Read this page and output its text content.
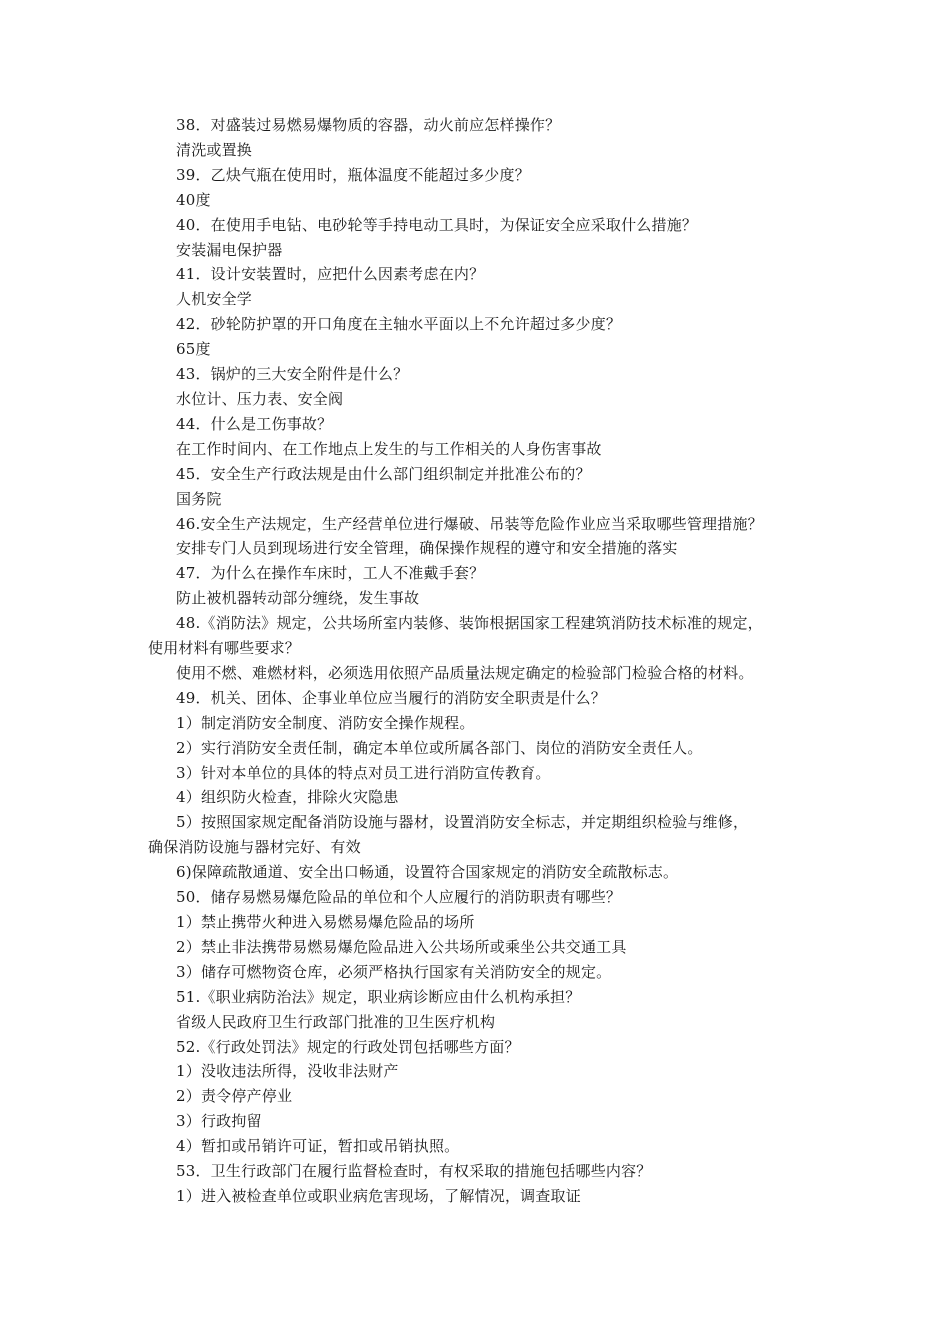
38．对盛装过易燃易爆物质的容器，动火前应怎样操作？
清洗或置换
39．乙炔气瓶在使用时，瓶体温度不能超过多少度？
40度
40．在使用手电钻、电砂轮等手持电动工具时，为保证安全应采取什么措施？
安装漏电保护器
41．设计安装置时，应把什么因素考虑在内？
人机安全学
42．砂轮防护罩的开口角度在主轴水平面以上不允许超过多少度？
65度
43．锅炉的三大安全附件是什么？
水位计、压力表、安全阀
44．什么是工伤事故？
在工作时间内、在工作地点上发生的与工作相关的人身伤害事故
45．安全生产行政法规是由什么部门组织制定并批准公布的？
国务院
46.安全生产法规定，生产经营单位进行爆破、吊装等危险作业应当采取哪些管理措施？
安排专门人员到现场进行安全管理，确保操作规程的遵守和安全措施的落实
47．为什么在操作车床时，工人不准戴手套？
防止被机器转动部分缠绕，发生事故
48.《消防法》规定，公共场所室内装修、装饰根据国家工程建筑消防技术标准的规定，
使用材料有哪些要求？
使用不燃、难燃材料，必须选用依照产品质量法规定确定的检验部门检验合格的材料。
49．机关、团体、企事业单位应当履行的消防安全职责是什么？
1）制定消防安全制度、消防安全操作规程。
2）实行消防安全责任制，确定本单位或所属各部门、岗位的消防安全责任人。
3）针对本单位的具体的特点对员工进行消防宣传教育。
4）组织防火检查，排除火灾隐患
5）按照国家规定配备消防设施与器材，设置消防安全标志，并定期组织检验与维修，
确保消防设施与器材完好、有效
6)保障疏散通道、安全出口畅通，设置符合国家规定的消防安全疏散标志。
50．储存易燃易爆危险品的单位和个人应履行的消防职责有哪些？
1）禁止携带火种进入易燃易爆危险品的场所
2）禁止非法携带易燃易爆危险品进入公共场所或乘坐公共交通工具
3）储存可燃物资仓库，必须严格执行国家有关消防安全的规定。
51.《职业病防治法》规定，职业病诊断应由什么机构承担？
省级人民政府卫生行政部门批准的卫生医疗机构
52.《行政处罚法》规定的行政处罚包括哪些方面？
1）没收违法所得，没收非法财产
2）责令停产停业
3）行政拘留
4）暂扣或吊销许可证，暂扣或吊销执照。
53．卫生行政部门在履行监督检查时，有权采取的措施包括哪些内容？
1）进入被检查单位或职业病危害现场，了解情况，调查取证
